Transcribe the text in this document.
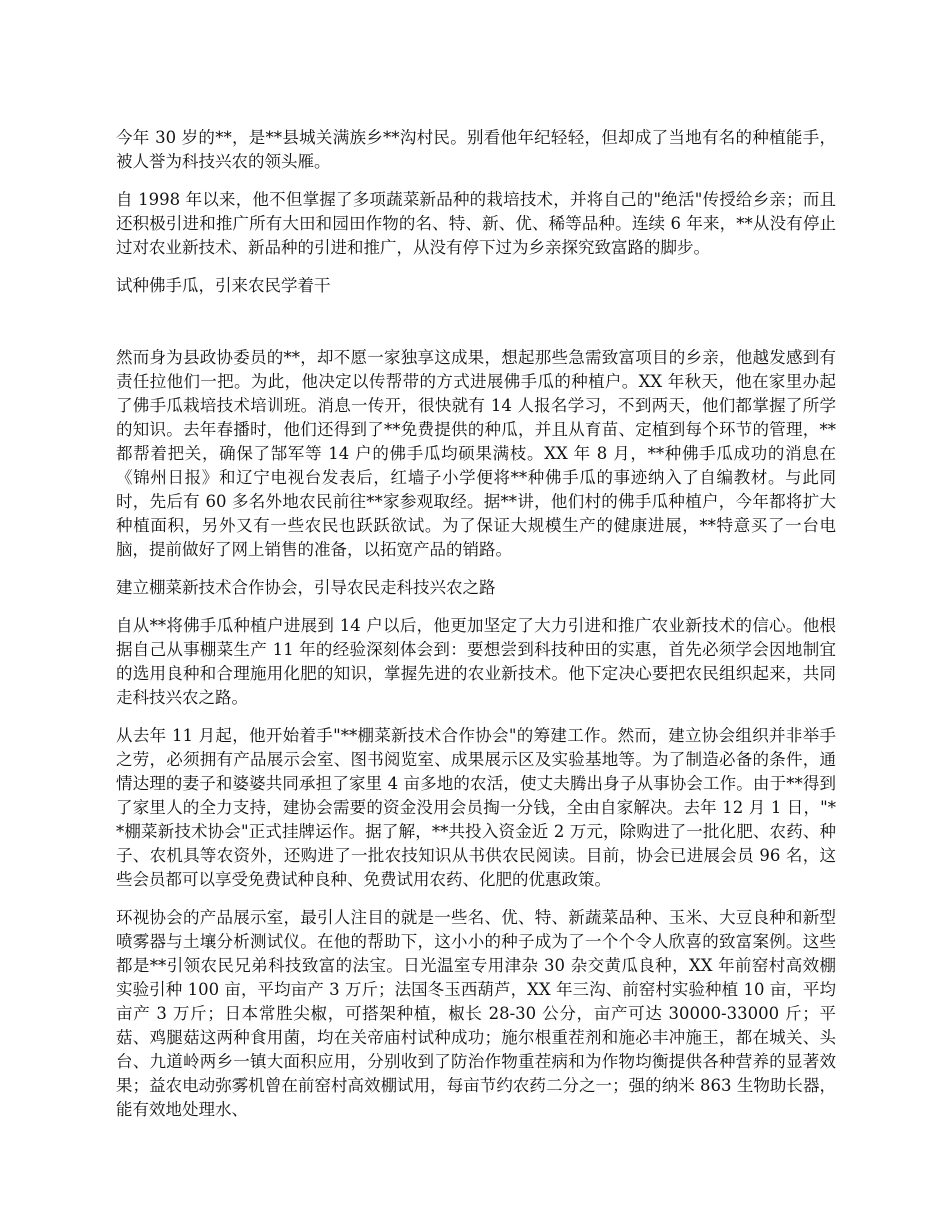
今年 30 岁的**，是**县城关满族乡**沟村民。别看他年纪轻轻，但却成了当地有名的种植能手，被人誉为科技兴农的领头雁。

自 1998 年以来，他不但掌握了多项蔬菜新品种的栽培技术，并将自己的"绝活"传授给乡亲；而且还积极引进和推广所有大田和园田作物的名、特、新、优、稀等品种。连续 6 年来，**从没有停止过对农业新技术、新品种的引进和推广，从没有停下过为乡亲探究致富路的脚步。

试种佛手瓜，引来农民学着干

然而身为县政协委员的**，却不愿一家独享这成果，想起那些急需致富项目的乡亲，他越发感到有责任拉他们一把。为此，他决定以传帮带的方式进展佛手瓜的种植户。XX 年秋天，他在家里办起了佛手瓜栽培技术培训班。消息一传开，很快就有 14 人报名学习，不到两天，他们都掌握了所学的知识。去年春播时，他们还得到了**免费提供的种瓜，并且从育苗、定植到每个环节的管理，**都帮着把关，确保了郜军等 14 户的佛手瓜均硕果满枝。XX 年 8 月，**种佛手瓜成功的消息在《锦州日报》和辽宁电视台发表后，红墙子小学便将**种佛手瓜的事迹纳入了自编教材。与此同时，先后有 60 多名外地农民前往**家参观取经。据**讲，他们村的佛手瓜种植户，今年都将扩大种植面积，另外又有一些农民也跃跃欲试。为了保证大规模生产的健康进展，**特意买了一台电脑，提前做好了网上销售的准备，以拓宽产品的销路。

建立棚菜新技术合作协会，引导农民走科技兴农之路

自从**将佛手瓜种植户进展到 14 户以后，他更加坚定了大力引进和推广农业新技术的信心。他根据自己从事棚菜生产 11 年的经验深刻体会到：要想尝到科技种田的实惠，首先必须学会因地制宜的选用良种和合理施用化肥的知识，掌握先进的农业新技术。他下定决心要把农民组织起来，共同走科技兴农之路。

从去年 11 月起，他开始着手"**棚菜新技术合作协会"的筹建工作。然而，建立协会组织并非举手之劳，必须拥有产品展示会室、图书阅览室、成果展示区及实验基地等。为了制造必备的条件，通情达理的妻子和婆婆共同承担了家里 4 亩多地的农活，使丈夫腾出身子从事协会工作。由于**得到了家里人的全力支持，建协会需要的资金没用会员掏一分钱，全由自家解决。去年 12 月 1 日，"**棚菜新技术协会"正式挂牌运作。据了解，**共投入资金近 2 万元，除购进了一批化肥、农药、种子、农机具等农资外，还购进了一批农技知识从书供农民阅读。目前，协会已进展会员 96 名，这些会员都可以享受免费试种良种、免费试用农药、化肥的优惠政策。

环视协会的产品展示室，最引人注目的就是一些名、优、特、新蔬菜品种、玉米、大豆良种和新型喷雾器与土壤分析测试仪。在他的帮助下，这小小的种子成为了一个个令人欣喜的致富案例。这些都是**引领农民兄弟科技致富的法宝。日光温室专用津杂 30 杂交黄瓜良种，XX 年前窑村高效棚实验引种 100 亩，平均亩产 3 万斤；法国冬玉西葫芦，XX 年三沟、前窑村实验种植 10 亩，平均亩产 3 万斤；日本常胜尖椒，可搭架种植，椒长 28-30 公分，亩产可达 30000-33000 斤；平菇、鸡腿菇这两种食用菌，均在关帝庙村试种成功；施尔根重茬剂和施必丰冲施王，都在城关、头台、九道岭两乡一镇大面积应用，分别收到了防治作物重茬病和为作物均衡提供各种营养的显著效果；益农电动弥雾机曾在前窑村高效棚试用，每亩节约农药二分之一；强的纳米 863 生物助长器，能有效地处理水、
